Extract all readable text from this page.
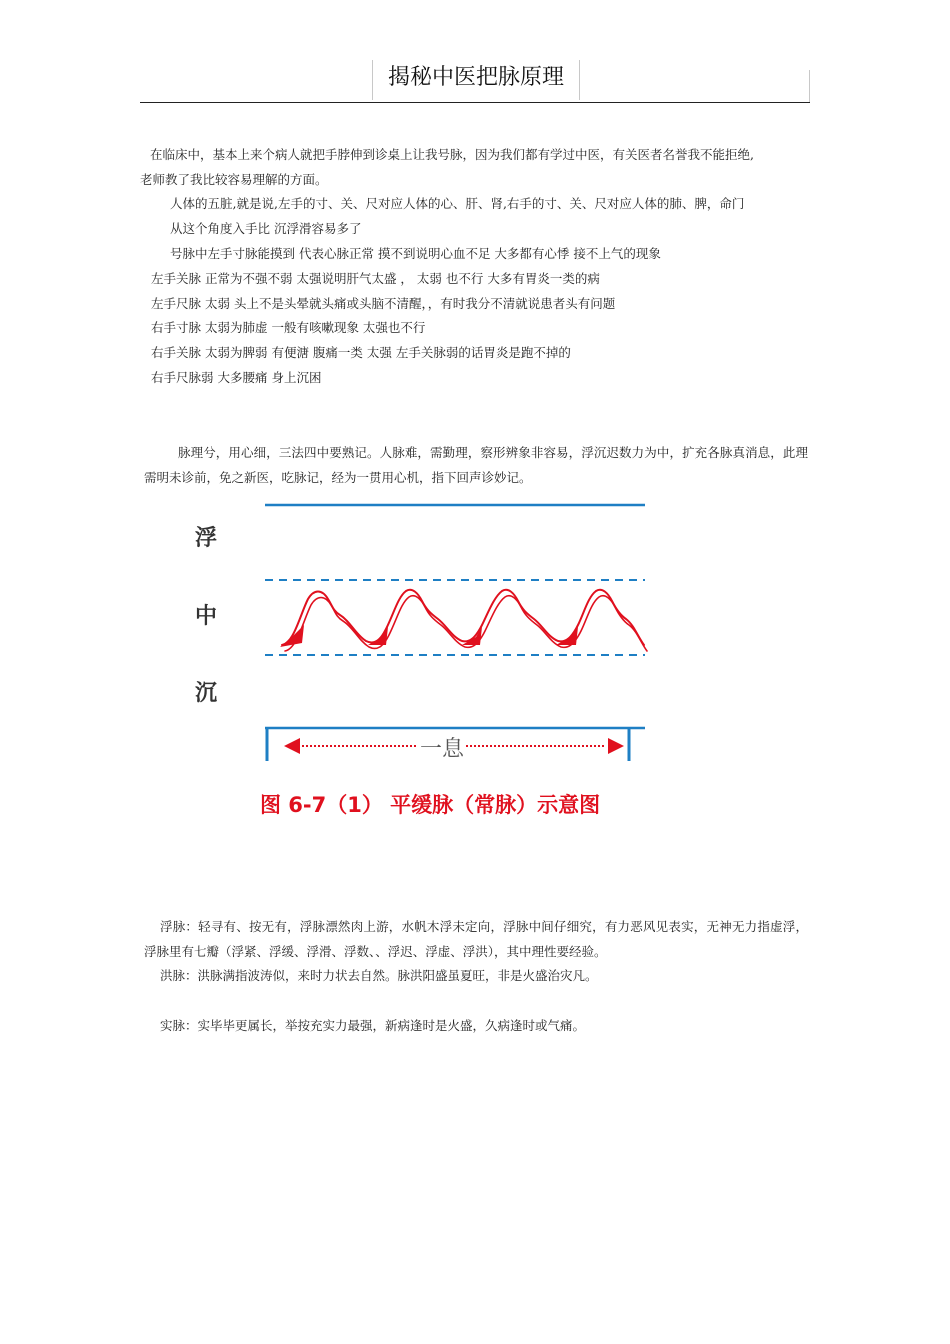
揭秘中医把脉原理
在临床中，基本上来个病人就把手脖伸到诊桌上让我号脉，因为我们都有学过中医，有关医者名誉我不能拒绝,
老师教了我比较容易理解的方面。
人体的五脏,就是说,左手的寸、关、尺对应人体的心、肝、肾,右手的寸、关、尺对应人体的肺、脾，命门
从这个角度入手比 沉浮滑容易多了
号脉中左手寸脉能摸到 代表心脉正常 摸不到说明心血不足 大多都有心悸 接不上气的现象
左手关脉 正常为不强不弱 太强说明肝气太盛 ， 太弱 也不行 大多有胃炎一类的病
左手尺脉 太弱 头上不是头晕就头痛或头脑不清醒，，有时我分不清就说患者头有问题
右手寸脉 太弱为肺虚 一般有咳嗽现象 太强也不行
右手关脉 太弱为脾弱 有便溏 腹痛一类 太强 左手关脉弱的话胃炎是跑不掉的
右手尺脉弱 大多腰痛 身上沉困
脉理兮，用心细，三法四中要熟记。人脉难，需勤理，察形辨象非容易，浮沉迟数力为中，扩充各脉真消息，此理需明未诊前，免之新医，吃脉记，经为一贯用心机，指下回声诊妙记。
浮
中
沉
一息
图 6-7（1） 平缓脉（常脉）示意图
浮脉：轻寻有、按无有，浮脉漂然肉上游，水帆木浮未定向，浮脉中间仔细究，有力恶风见表实，无神无力指虚浮，浮脉里有七瓣（浮紧、浮缓、浮滑、浮数、、浮迟、浮虚、浮洪），其中理性要经验。
洪脉：洪脉满指波涛似，来时力状去自然。脉洪阳盛虽夏旺，非是火盛治灾凡。
实脉：实毕毕更属长，举按充实力最强，新病逢时是火盛，久病逢时或气痛。
